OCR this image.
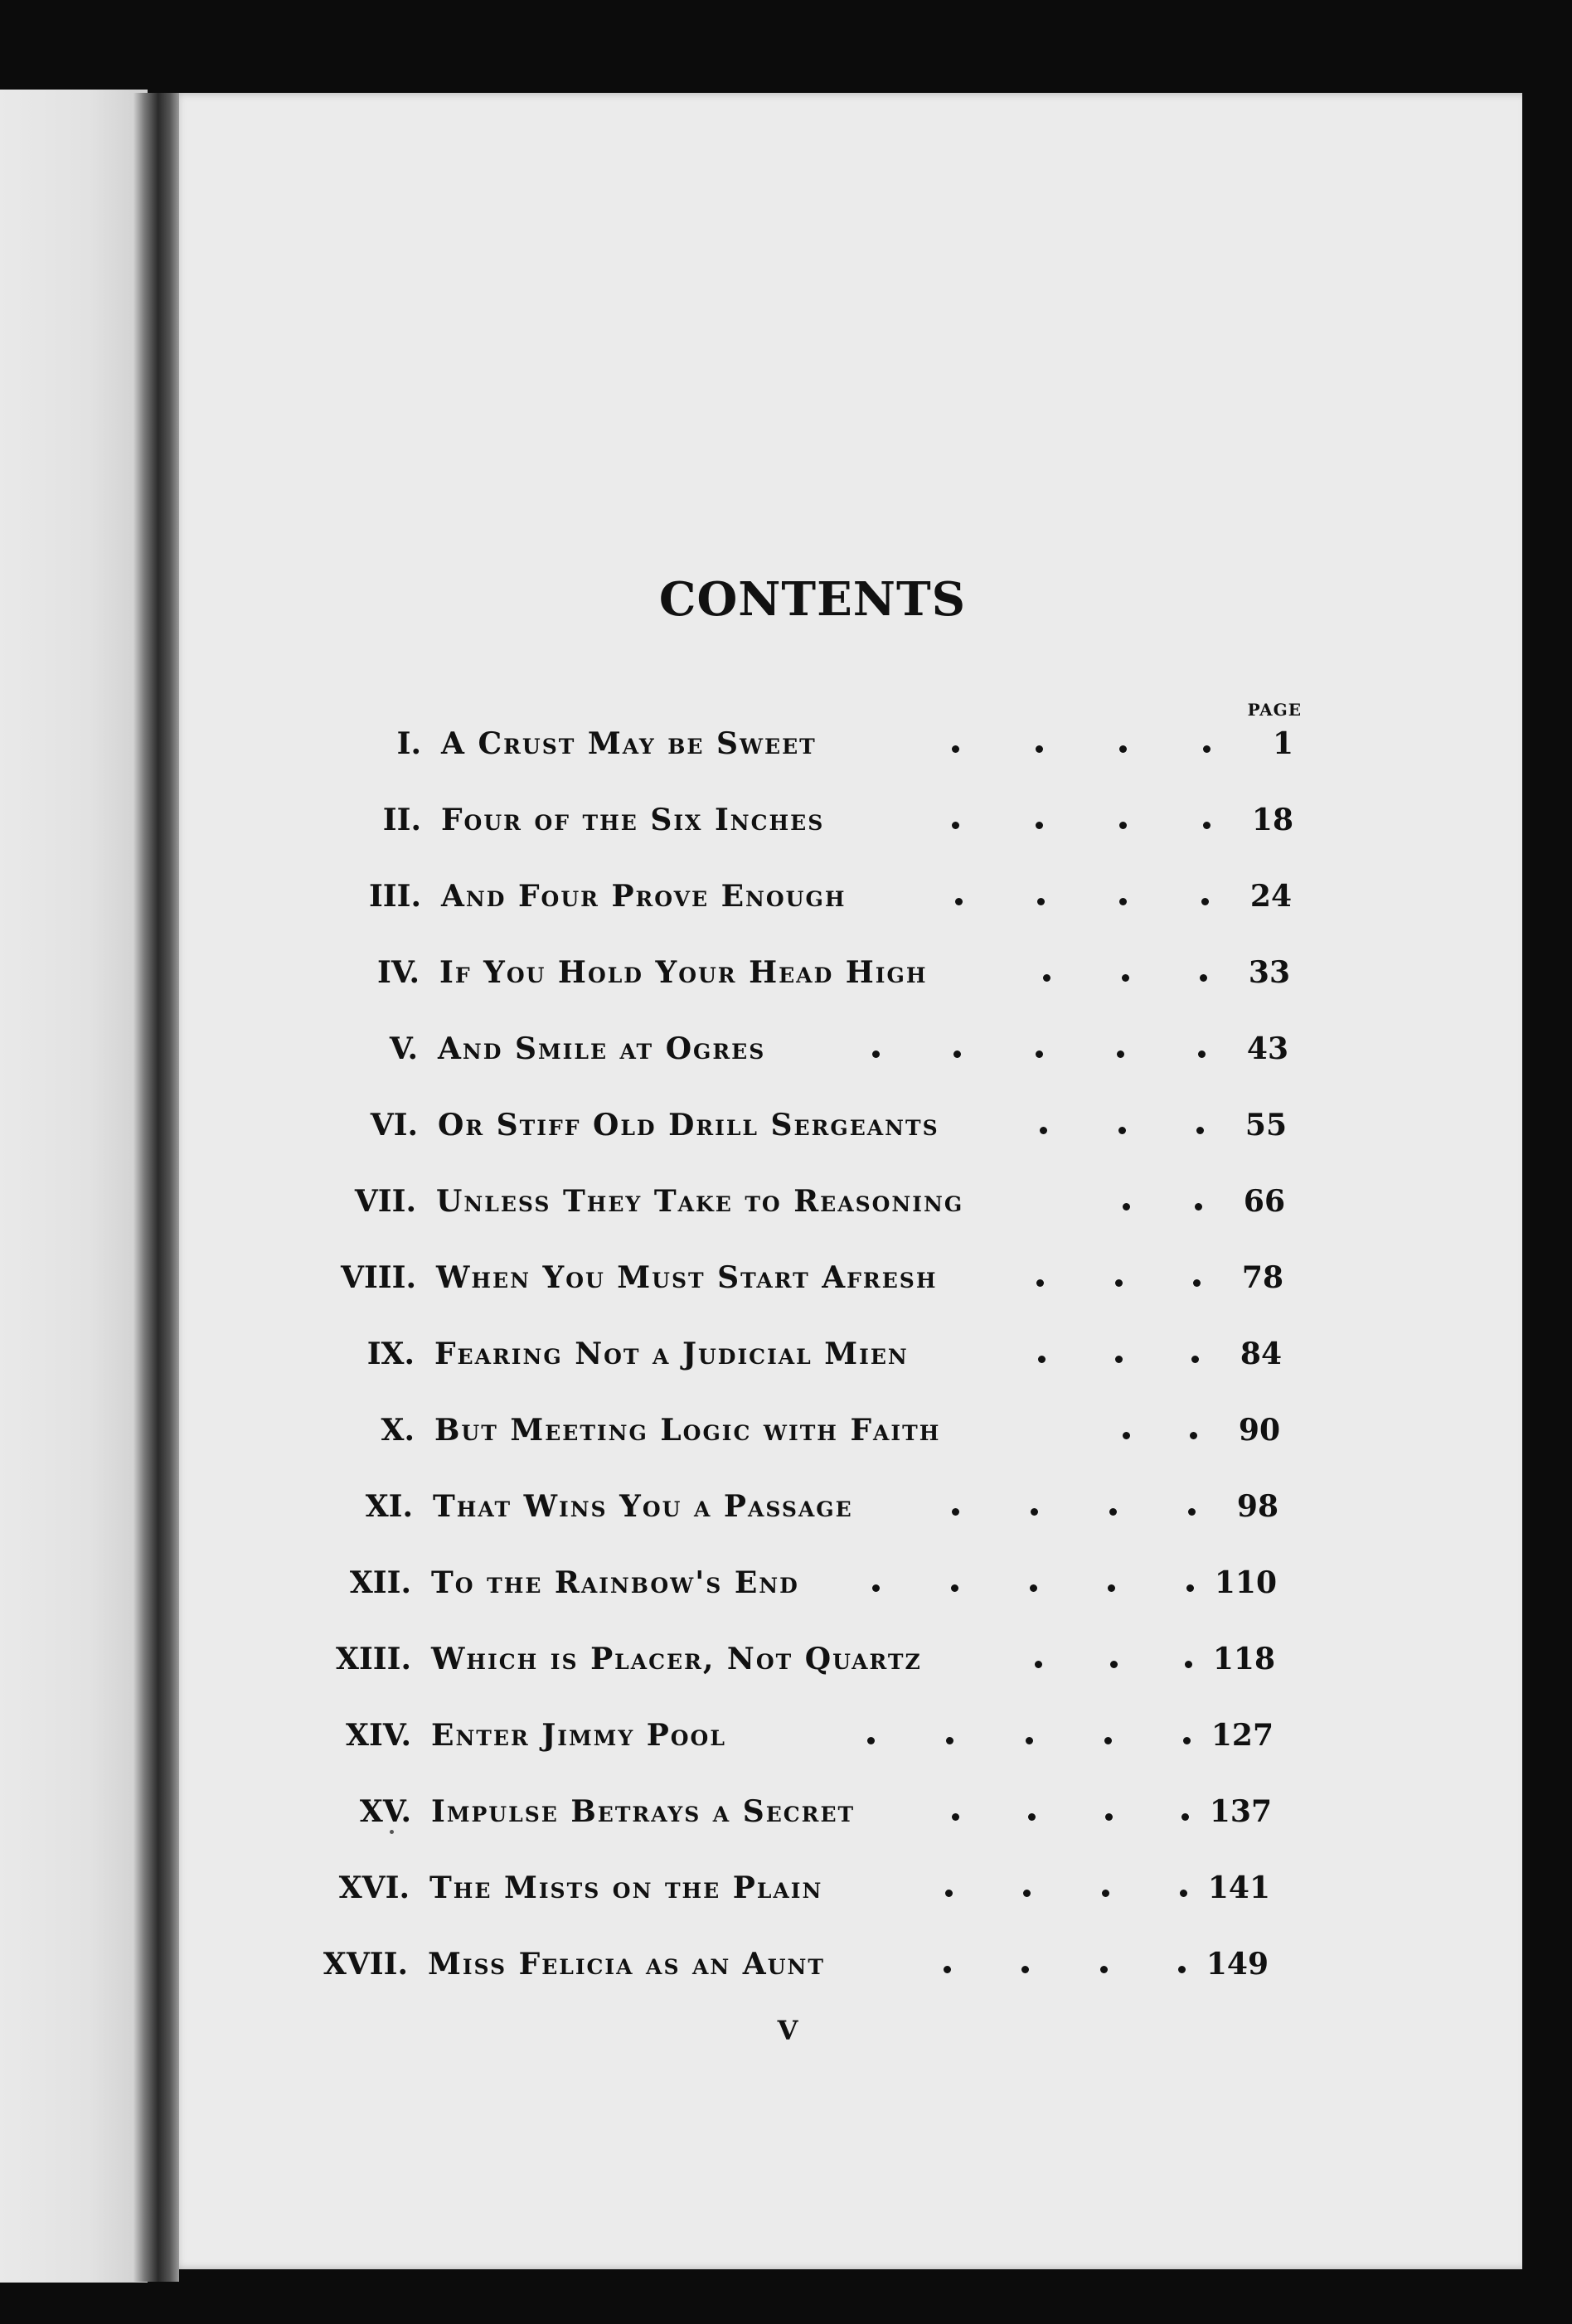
CONTENTS
PAGE
I. A Crust May be Sweet	1
II. Four of the Six Inches	18
III. And Four Prove Enough	24
IV. If You Hold Your Head High	33
V. And Smile at Ogres	43
VI. Or Stiff Old Drill Sergeants	55
VII. Unless They Take to Reasoning	66
VIII. When You Must Start Afresh	78
IX. Fearing Not a Judicial Mien	84
X. But Meeting Logic with Faith	90
XI. That Wins You a Passage	98
XII. To the Rainbow's End	110
XIII. Which is Placer, Not Quartz	118
XIV. Enter Jimmy Pool	127
XV. Impulse Betrays a Secret	137
XVI. The Mists on the Plain	141
XVII. Miss Felicia as an Aunt	149
V
